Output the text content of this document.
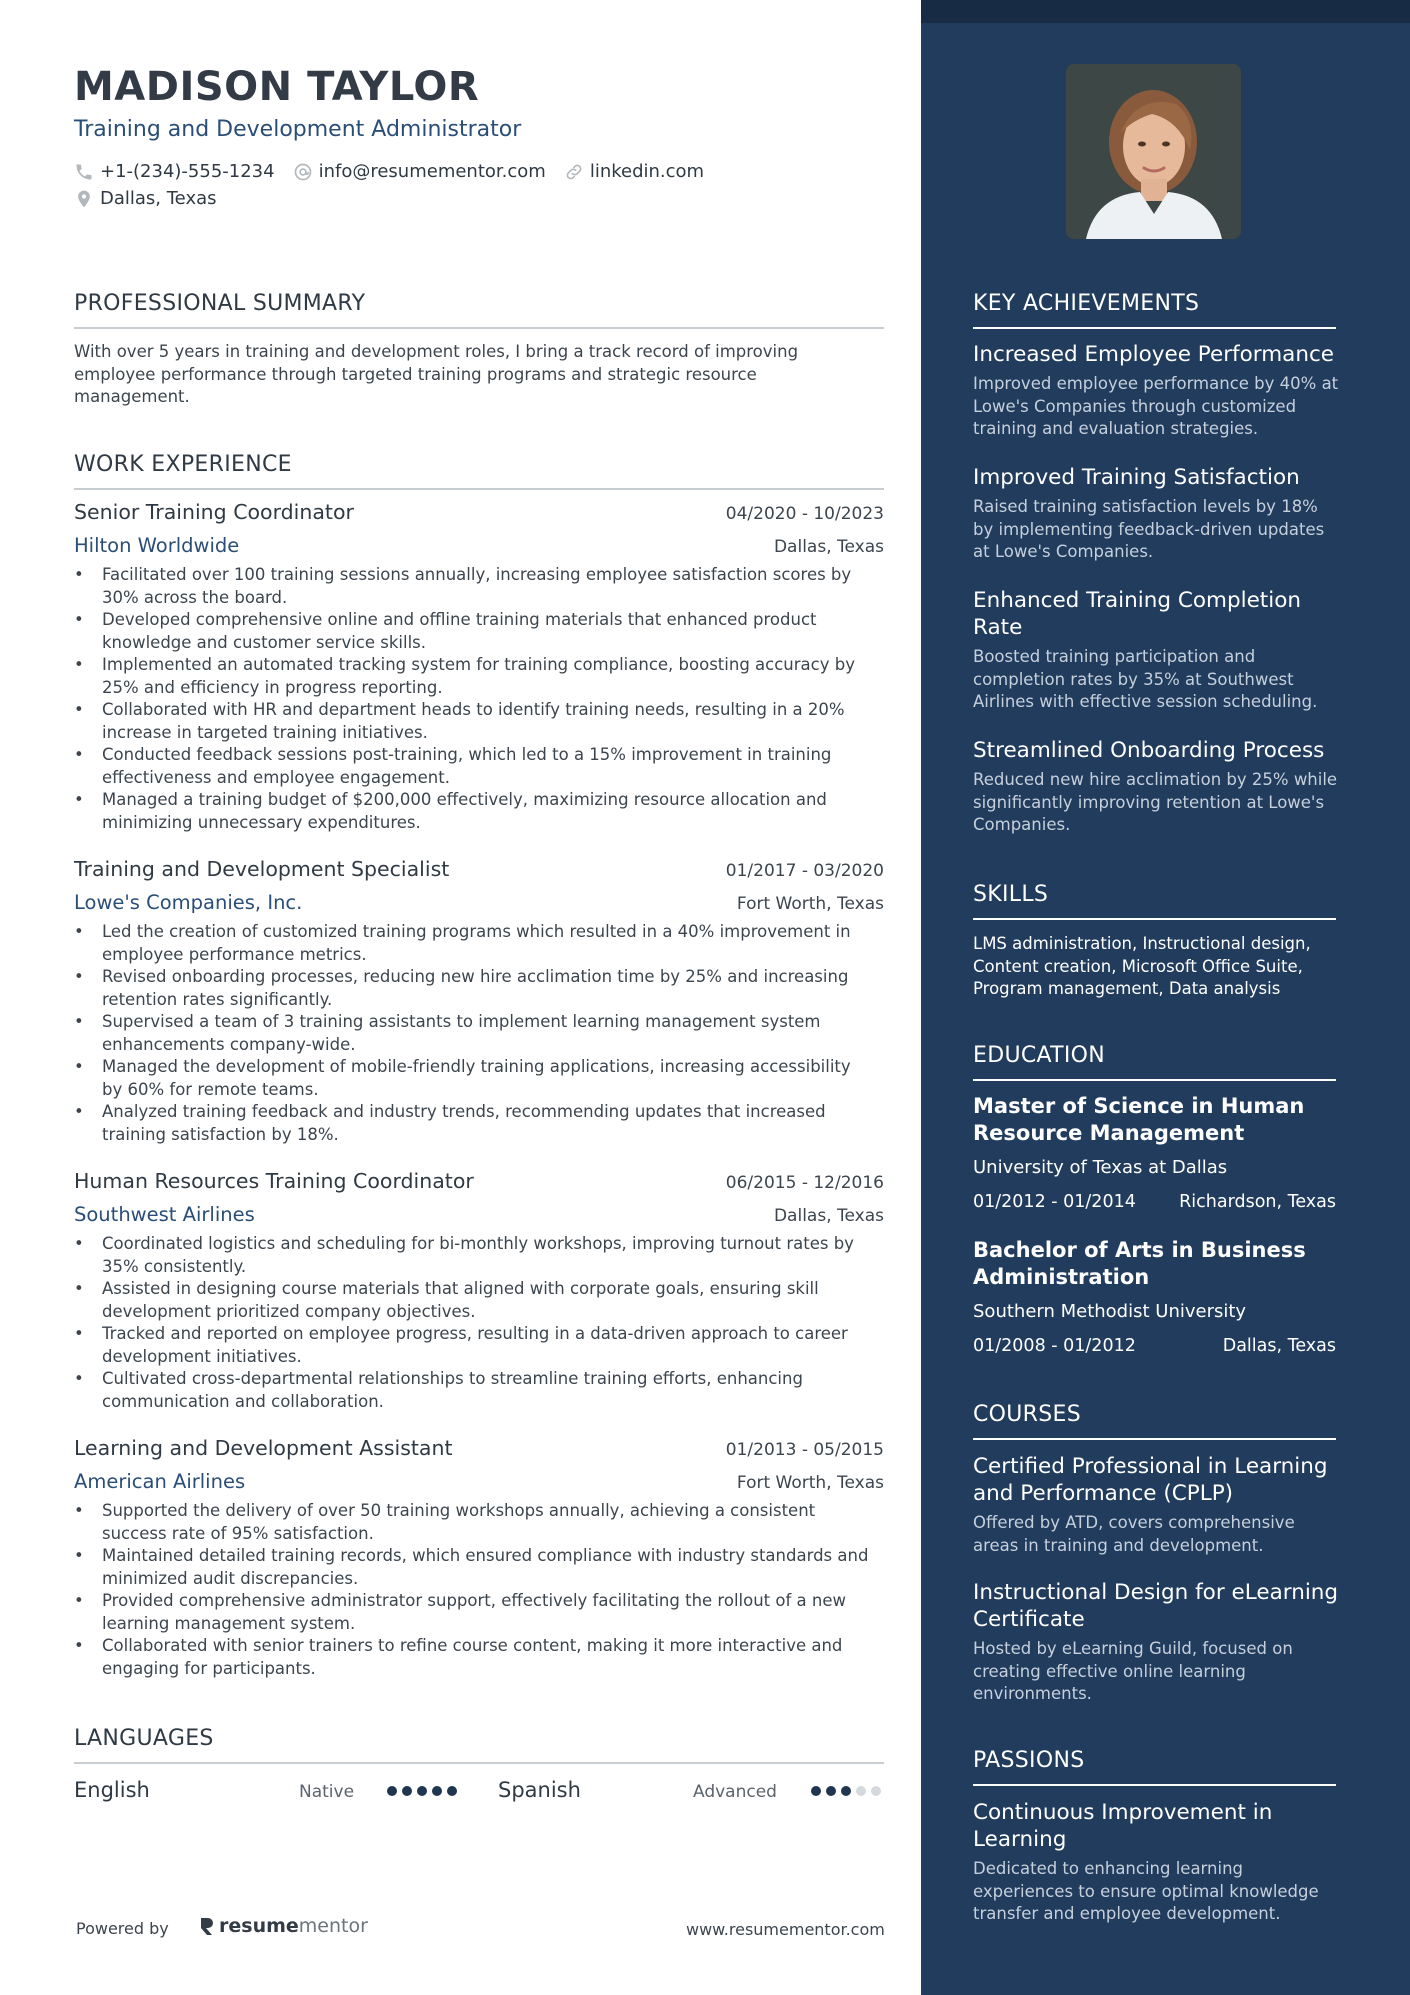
MADISON TAYLOR
Training and Development Administrator
+1-(234)-555-1234 info@resumementor.com linkedin.com
Dallas, Texas
PROFESSIONAL SUMMARY

With over 5 years in training and development roles, I bring a track record of improving employee performance through targeted training programs and strategic resource management.

WORK EXPERIENCE
Senior Training Coordinator	04/2020 - 10/2023
Hilton Worldwide	Dallas, Texas
• Facilitated over 100 training sessions annually, increasing employee satisfaction scores by 30% across the board.
• Developed comprehensive online and offline training materials that enhanced product knowledge and customer service skills.
• Implemented an automated tracking system for training compliance, boosting accuracy by 25% and efficiency in progress reporting.
• Collaborated with HR and department heads to identify training needs, resulting in a 20% increase in targeted training initiatives.
• Conducted feedback sessions post-training, which led to a 15% improvement in training effectiveness and employee engagement.
• Managed a training budget of $200,000 effectively, maximizing resource allocation and minimizing unnecessary expenditures.
Training and Development Specialist	01/2017 - 03/2020
Lowe's Companies, Inc.	Fort Worth, Texas
• Led the creation of customized training programs which resulted in a 40% improvement in employee performance metrics.
• Revised onboarding processes, reducing new hire acclimation time by 25% and increasing retention rates significantly.
• Supervised a team of 3 training assistants to implement learning management system enhancements company-wide.
• Managed the development of mobile-friendly training applications, increasing accessibility by 60% for remote teams.
• Analyzed training feedback and industry trends, recommending updates that increased training satisfaction by 18%.
Human Resources Training Coordinator	06/2015 - 12/2016
Southwest Airlines	Dallas, Texas
• Coordinated logistics and scheduling for bi-monthly workshops, improving turnout rates by 35% consistently.
• Assisted in designing course materials that aligned with corporate goals, ensuring skill development prioritized company objectives.
• Tracked and reported on employee progress, resulting in a data-driven approach to career development initiatives.
• Cultivated cross-departmental relationships to streamline training efforts, enhancing communication and collaboration.
Learning and Development Assistant	01/2013 - 05/2015
American Airlines	Fort Worth, Texas
• Supported the delivery of over 50 training workshops annually, achieving a consistent success rate of 95% satisfaction.
• Maintained detailed training records, which ensured compliance with industry standards and minimized audit discrepancies.
• Provided comprehensive administrator support, effectively facilitating the rollout of a new learning management system.
• Collaborated with senior trainers to refine course content, making it more interactive and engaging for participants.
LANGUAGES
English	Native	Spanish	Advanced
Powered by	resume mentor	www.resumementor.com
KEY ACHIEVEMENTS

Increased Employee Performance

Improved employee performance by 40% at Lowe's Companies through customized training and evaluation strategies.

Improved Training Satisfaction

Raised training satisfaction levels by 18% by implementing feedback-driven updates at Lowe's Companies.

Enhanced Training Completion Rate

Boosted training participation and completion rates by 35% at Southwest Airlines with effective session scheduling.

Streamlined Onboarding Process

Reduced new hire acclimation by 25% while significantly improving retention at Lowe's Companies.

SKILLS

LMS administration, Instructional design, Content creation, Microsoft Office Suite, Program management, Data analysis

EDUCATION

Master of Science in Human Resource Management

University of Texas at Dallas
01/2012 - 01/2014 Richardson, Texas

Bachelor of Arts in Business Administration

Southern Methodist University
01/2008 - 01/2012	Dallas, Texas
COURSES

Certified Professional in Learning and Performance (CPLP)

Offered by ATD, covers comprehensive areas in training and development.

Instructional Design for eLearning Certificate

Hosted by eLearning Guild, focused on creating effective online learning environments.

PASSIONS

Continuous Improvement in Learning

Dedicated to enhancing learning experiences to ensure optimal knowledge transfer and employee development.
